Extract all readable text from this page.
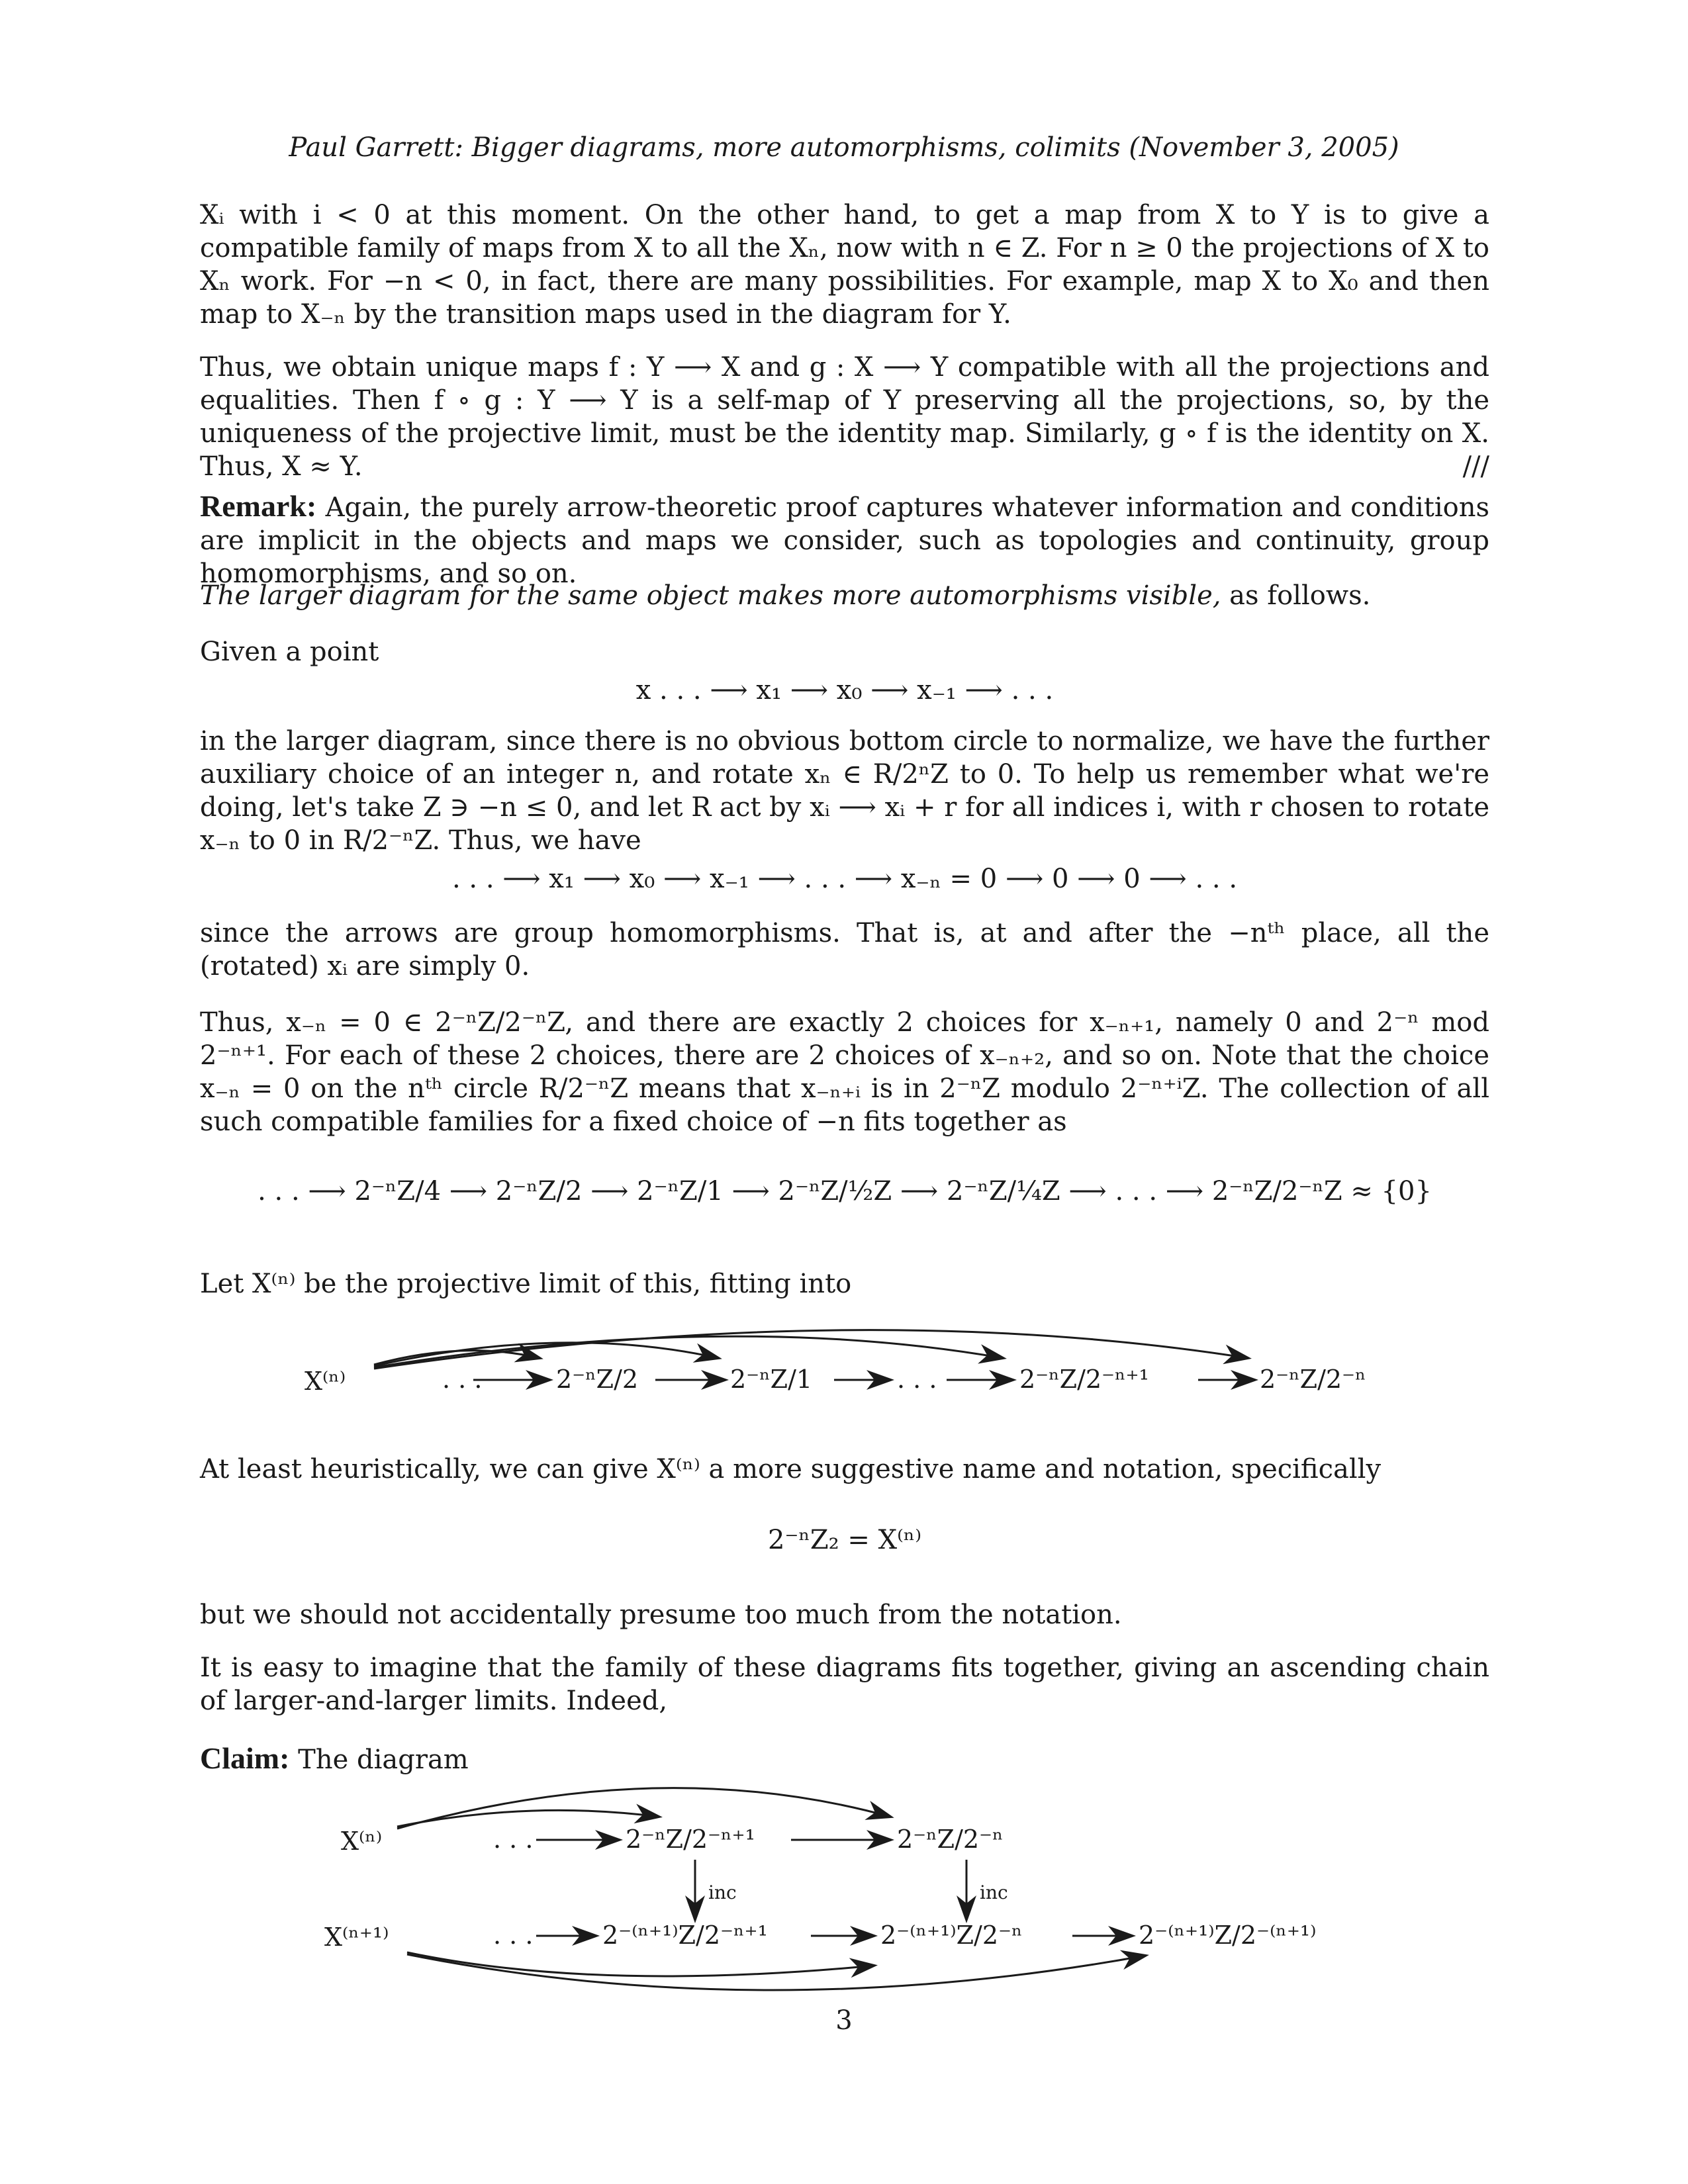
Paul Garrett: Bigger diagrams, more automorphisms, colimits (November 3, 2005)
Xᵢ with i < 0 at this moment. On the other hand, to get a map from X to Y is to give a compatible family of maps from X to all the Xₙ, now with n ∈ Z. For n ≥ 0 the projections of X to Xₙ work. For −n < 0, in fact, there are many possibilities. For example, map X to X₀ and then map to X₋ₙ by the transition maps used in the diagram for Y.
Thus, we obtain unique maps f : Y ⟶ X and g : X ⟶ Y compatible with all the projections and equalities. Then f ∘ g : Y ⟶ Y is a self-map of Y preserving all the projections, so, by the uniqueness of the projective limit, must be the identity map. Similarly, g ∘ f is the identity on X. Thus, X ≈ Y.	///
Remark: Again, the purely arrow-theoretic proof captures whatever information and conditions are implicit in the objects and maps we consider, such as topologies and continuity, group homomorphisms, and so on.
The larger diagram for the same object makes more automorphisms visible, as follows.
Given a point
x . . . ⟶ x₁ ⟶ x₀ ⟶ x₋₁ ⟶ . . .
in the larger diagram, since there is no obvious bottom circle to normalize, we have the further auxiliary choice of an integer n, and rotate xₙ ∈ R/2ⁿZ to 0. To help us remember what we're doing, let's take Z ∋ −n ≤ 0, and let R act by xᵢ ⟶ xᵢ + r for all indices i, with r chosen to rotate x₋ₙ to 0 in R/2⁻ⁿZ. Thus, we have
. . . ⟶ x₁ ⟶ x₀ ⟶ x₋₁ ⟶ . . . ⟶ x₋ₙ = 0 ⟶ 0 ⟶ 0 ⟶ . . .
since the arrows are group homomorphisms. That is, at and after the −nᵗʰ place, all the (rotated) xᵢ are simply 0.
Thus, x₋ₙ = 0 ∈ 2⁻ⁿZ/2⁻ⁿZ, and there are exactly 2 choices for x₋ₙ₊₁, namely 0 and 2⁻ⁿ mod 2⁻ⁿ⁺¹. For each of these 2 choices, there are 2 choices of x₋ₙ₊₂, and so on. Note that the choice x₋ₙ = 0 on the nᵗʰ circle R/2⁻ⁿZ means that x₋ₙ₊ᵢ is in 2⁻ⁿZ modulo 2⁻ⁿ⁺ⁱZ. The collection of all such compatible families for a fixed choice of −n fits together as
. . . ⟶ 2⁻ⁿZ/4 ⟶ 2⁻ⁿZ/2 ⟶ 2⁻ⁿZ/1 ⟶ 2⁻ⁿZ/½Z ⟶ 2⁻ⁿZ/¼Z ⟶ . . . ⟶ 2⁻ⁿZ/2⁻ⁿZ ≈ {0}
Let X⁽ⁿ⁾ be the projective limit of this, fitting into
X⁽ⁿ⁾	. . .	2⁻ⁿZ/2	2⁻ⁿZ/1	. . .	2⁻ⁿZ/2⁻ⁿ⁺¹	2⁻ⁿZ/2⁻ⁿ
At least heuristically, we can give X⁽ⁿ⁾ a more suggestive name and notation, specifically
2⁻ⁿZ₂ = X⁽ⁿ⁾
but we should not accidentally presume too much from the notation.
It is easy to imagine that the family of these diagrams fits together, giving an ascending chain of larger-and-larger limits. Indeed,
Claim: The diagram
X⁽ⁿ⁾	. . .	2⁻ⁿZ/2⁻ⁿ⁺¹	2⁻ⁿZ/2⁻ⁿ
inc	inc
X⁽ⁿ⁺¹⁾	. . .	2⁻⁽ⁿ⁺¹⁾Z/2⁻ⁿ⁺¹	2⁻⁽ⁿ⁺¹⁾Z/2⁻ⁿ	2⁻⁽ⁿ⁺¹⁾Z/2⁻⁽ⁿ⁺¹⁾
3
